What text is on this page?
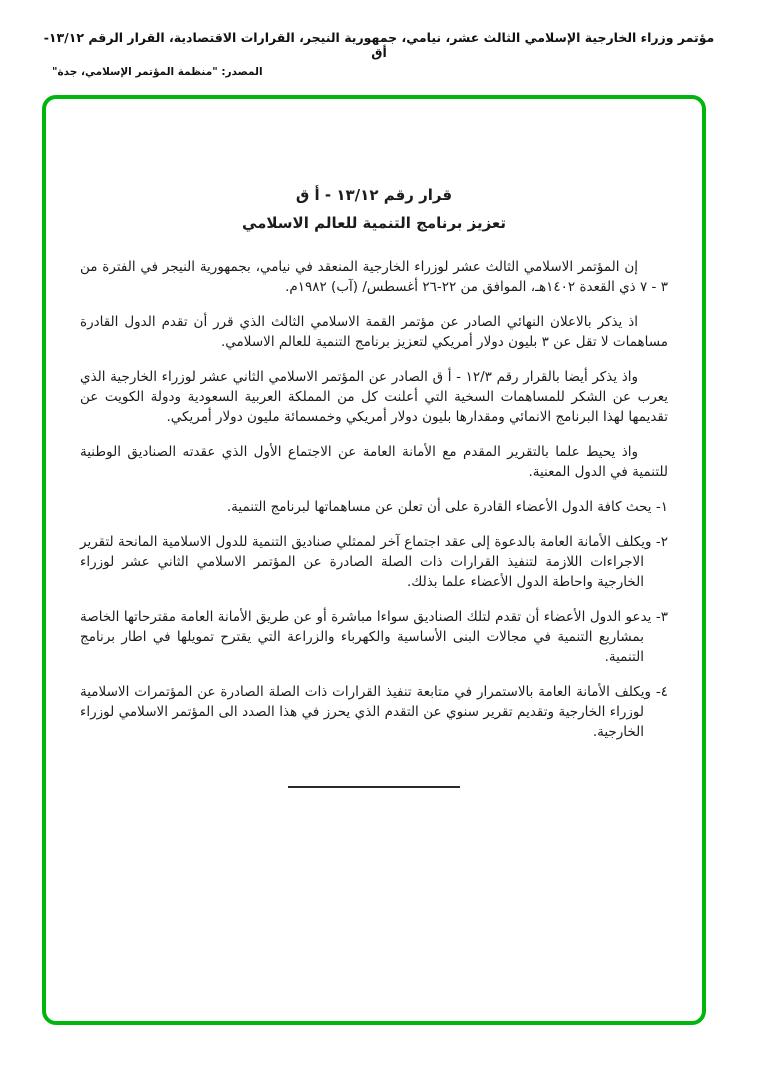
مؤتمر وزراء الخارجية الإسلامي الثالث عشر، نيامي، جمهورية النيجر، القرارات الاقتصادية، القرار الرقم ١٣/١٢- أق
المصدر: "منظمة المؤتمر الإسلامي، جدة"
قرار رقم ١٣/١٢ - أ ق
تعزيز برنامج التنمية للعالم الاسلامي

إن المؤتمر الاسلامي الثالث عشر لوزراء الخارجية المنعقد في نيامي، بجمهورية النيجر في الفترة من ٣ - ٧ ذي القعدة ١٤٠٢هـ، الموافق من ٢٢-٢٦ أغسطس/ (آب) ١٩٨٢م.

اذ يذكر بالاعلان النهائي الصادر عن مؤتمر القمة الاسلامي الثالث الذي قرر أن تقدم الدول القادرة مساهمات لا تقل عن ٣ بليون دولار أمريكي لتعزيز برنامج التنمية للعالم الاسلامي.

واذ يذكر أيضا بالقرار رقم ١٢/٣ - أ ق الصادر عن المؤتمر الاسلامي الثاني عشر لوزراء الخارجية الذي يعرب عن الشكر للمساهمات السخية التي أعلنت كل من المملكة العربية السعودية ودولة الكويت عن تقديمها لهذا البرنامج الانمائي ومقدارها بليون دولار أمريكي وخمسمائة مليون دولار أمريكي.

واذ يحيط علما بالتقرير المقدم مع الأمانة العامة عن الاجتماع الأول الذي عقدته الصناديق الوطنية للتنمية في الدول المعنية.

١- يحث كافة الدول الأعضاء القادرة على أن تعلن عن مساهماتها لبرنامج التنمية.

٢- ويكلف الأمانة العامة بالدعوة إلى عقد اجتماع آخر لممثلي صناديق التنمية للدول الاسلامية المانحة لتقرير الاجراءات اللازمة لتنفيذ القرارات ذات الصلة الصادرة عن المؤتمر الاسلامي الثاني عشر لوزراء الخارجية واحاطة الدول الأعضاء علما بذلك.

٣- يدعو الدول الأعضاء أن تقدم لتلك الصناديق سواءا مباشرة أو عن طريق الأمانة العامة مقترحاتها الخاصة بمشاريع التنمية في مجالات البنى الأساسية والكهرباء والزراعة التي يقترح تمويلها في اطار برنامج التنمية.

٤- ويكلف الأمانة العامة بالاستمرار في متابعة تنفيذ القرارات ذات الصلة الصادرة عن المؤتمرات الاسلامية لوزراء الخارجية وتقديم تقرير سنوي عن التقدم الذي يحرز في هذا الصدد الى المؤتمر الاسلامي لوزراء الخارجية.
